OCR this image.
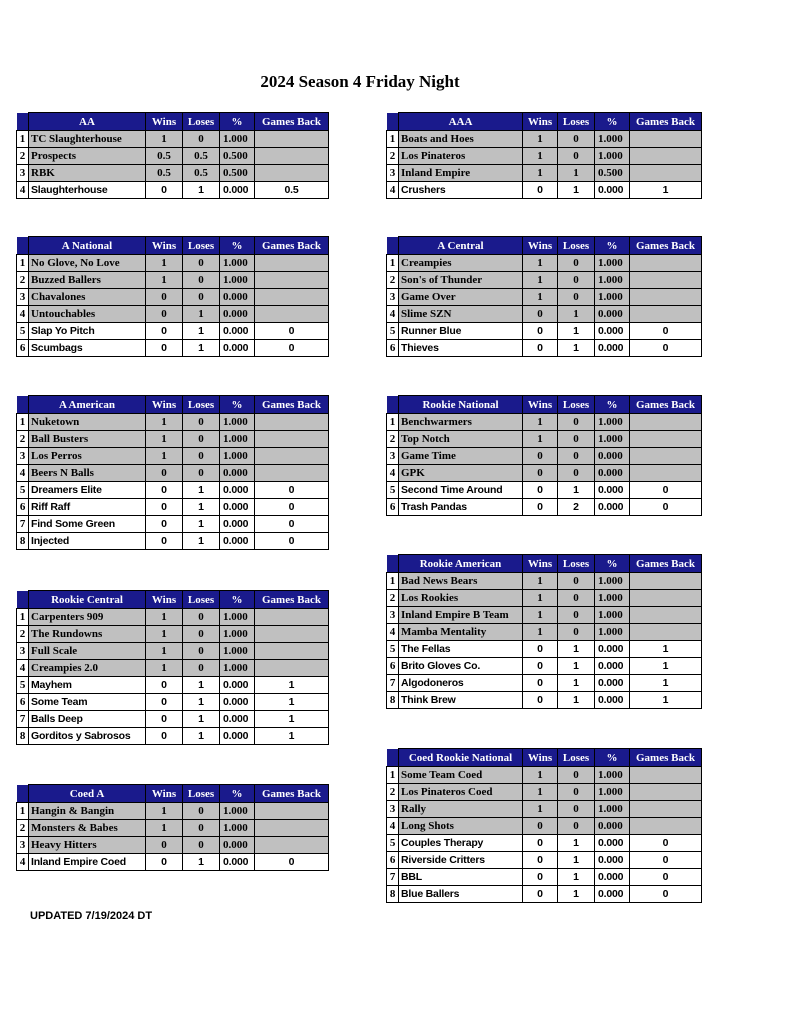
2024 Season 4 Friday Night
	AA	Wins	Loses	%	Games Back
1	TC Slaughterhouse	1	0	1.000	
2	Prospects	0.5	0.5	0.500	
3	RBK	0.5	0.5	0.500	
4	Slaughterhouse	0	1	0.000	0.5
	AAA	Wins	Loses	%	Games Back
1	Boats and Hoes	1	0	1.000	
2	Los Pinateros	1	0	1.000	
3	Inland Empire	1	1	0.500	
4	Crushers	0	1	0.000	1
	A National	Wins	Loses	%	Games Back
1	No Glove, No Love	1	0	1.000	
2	Buzzed Ballers	1	0	1.000	
3	Chavalones	0	0	0.000	
4	Untouchables	0	1	0.000	
5	Slap Yo Pitch	0	1	0.000	0
6	Scumbags	0	1	0.000	0
	A Central	Wins	Loses	%	Games Back
1	Creampies	1	0	1.000	
2	Son's of Thunder	1	0	1.000	
3	Game Over	1	0	1.000	
4	Slime SZN	0	1	0.000	
5	Runner Blue	0	1	0.000	0
6	Thieves	0	1	0.000	0
	A American	Wins	Loses	%	Games Back
1	Nuketown	1	0	1.000	
2	Ball Busters	1	0	1.000	
3	Los Perros	1	0	1.000	
4	Beers N Balls	0	0	0.000	
5	Dreamers Elite	0	1	0.000	0
6	Riff Raff	0	1	0.000	0
7	Find Some Green	0	1	0.000	0
8	Injected	0	1	0.000	0
	Rookie National	Wins	Loses	%	Games Back
1	Benchwarmers	1	0	1.000	
2	Top Notch	1	0	1.000	
3	Game Time	0	0	0.000	
4	GPK	0	0	0.000	
5	Second Time Around	0	1	0.000	0
6	Trash Pandas	0	2	0.000	0
	Rookie American	Wins	Loses	%	Games Back
1	Bad News Bears	1	0	1.000	
2	Los Rookies	1	0	1.000	
3	Inland Empire B Team	1	0	1.000	
4	Mamba Mentality	1	0	1.000	
5	The Fellas	0	1	0.000	1
6	Brito Gloves Co.	0	1	0.000	1
7	Algodoneros	0	1	0.000	1
8	Think Brew	0	1	0.000	1
	Rookie Central	Wins	Loses	%	Games Back
1	Carpenters 909	1	0	1.000	
2	The Rundowns	1	0	1.000	
3	Full Scale	1	0	1.000	
4	Creampies 2.0	1	0	1.000	
5	Mayhem	0	1	0.000	1
6	Some Team	0	1	0.000	1
7	Balls Deep	0	1	0.000	1
8	Gorditos y Sabrosos	0	1	0.000	1
	Coed Rookie National	Wins	Loses	%	Games Back
1	Some Team Coed	1	0	1.000	
2	Los Pinateros Coed	1	0	1.000	
3	Rally	1	0	1.000	
4	Long Shots	0	0	0.000	
5	Couples Therapy	0	1	0.000	0
6	Riverside Critters	0	1	0.000	0
7	BBL	0	1	0.000	0
8	Blue Ballers	0	1	0.000	0
	Coed A	Wins	Loses	%	Games Back
1	Hangin & Bangin	1	0	1.000	
2	Monsters & Babes	1	0	1.000	
3	Heavy Hitters	0	0	0.000	
4	Inland Empire Coed	0	1	0.000	0
UPDATED 7/19/2024 DT
